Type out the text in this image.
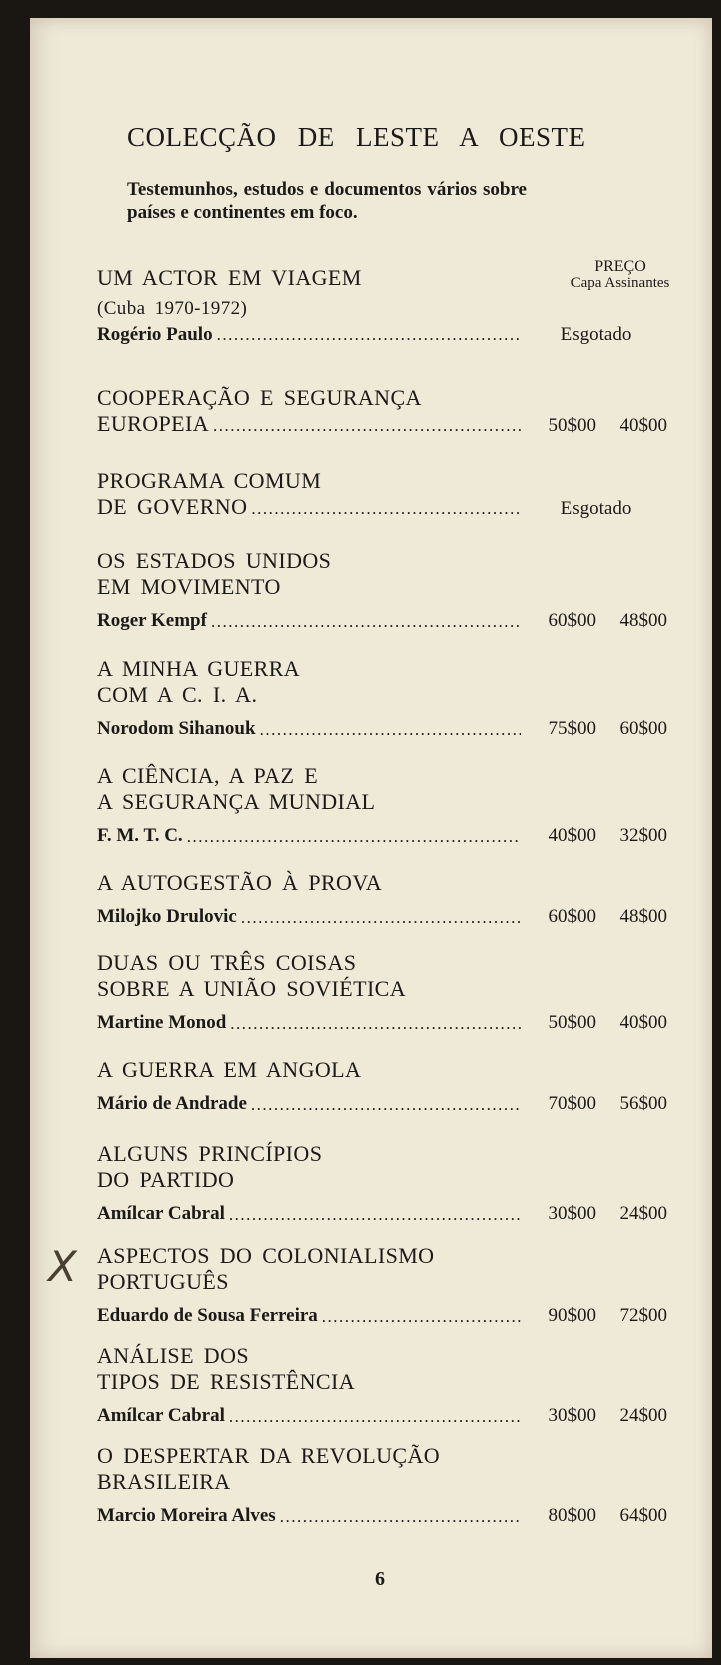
COLECÇÃO DE LESTE A OESTE
Testemunhos, estudos e documentos vários sobre países e continentes em foco.
PREÇO
Capa Assinantes
UM ACTOR EM VIAGEM
(Cuba 1970-1972)
Rogério Paulo .....	Esgotado
COOPERAÇÃO E SEGURANÇA
EUROPEIA .....	50$00	40$00
PROGRAMA COMUM
DE GOVERNO .....	Esgotado
OS ESTADOS UNIDOS
EM MOVIMENTO
Roger Kempf .....	60$00	48$00
A MINHA GUERRA
COM A C. I. A.
Norodom Sihanouk .....	75$00	60$00
A CIÊNCIA, A PAZ E
A SEGURANÇA MUNDIAL
F. M. T. C. .....	40$00	32$00
A AUTOGESTÃO À PROVA
Milojko Drulovic .....	60$00	48$00
DUAS OU TRÊS COISAS
SOBRE A UNIÃO SOVIÉTICA
Martine Monod .....	50$00	40$00
A GUERRA EM ANGOLA
Mário de Andrade .....	70$00	56$00
ALGUNS PRINCÍPIOS
DO PARTIDO
Amílcar Cabral .....	30$00	24$00
ASPECTOS DO COLONIALISMO
PORTUGUÊS
Eduardo de Sousa Ferreira .....	90$00	72$00
ANÁLISE DOS
TIPOS DE RESISTÊNCIA
Amílcar Cabral .....	30$00	24$00
O DESPERTAR DA REVOLUÇÃO
BRASILEIRA
Marcio Moreira Alves .....	80$00	64$00
X
6
